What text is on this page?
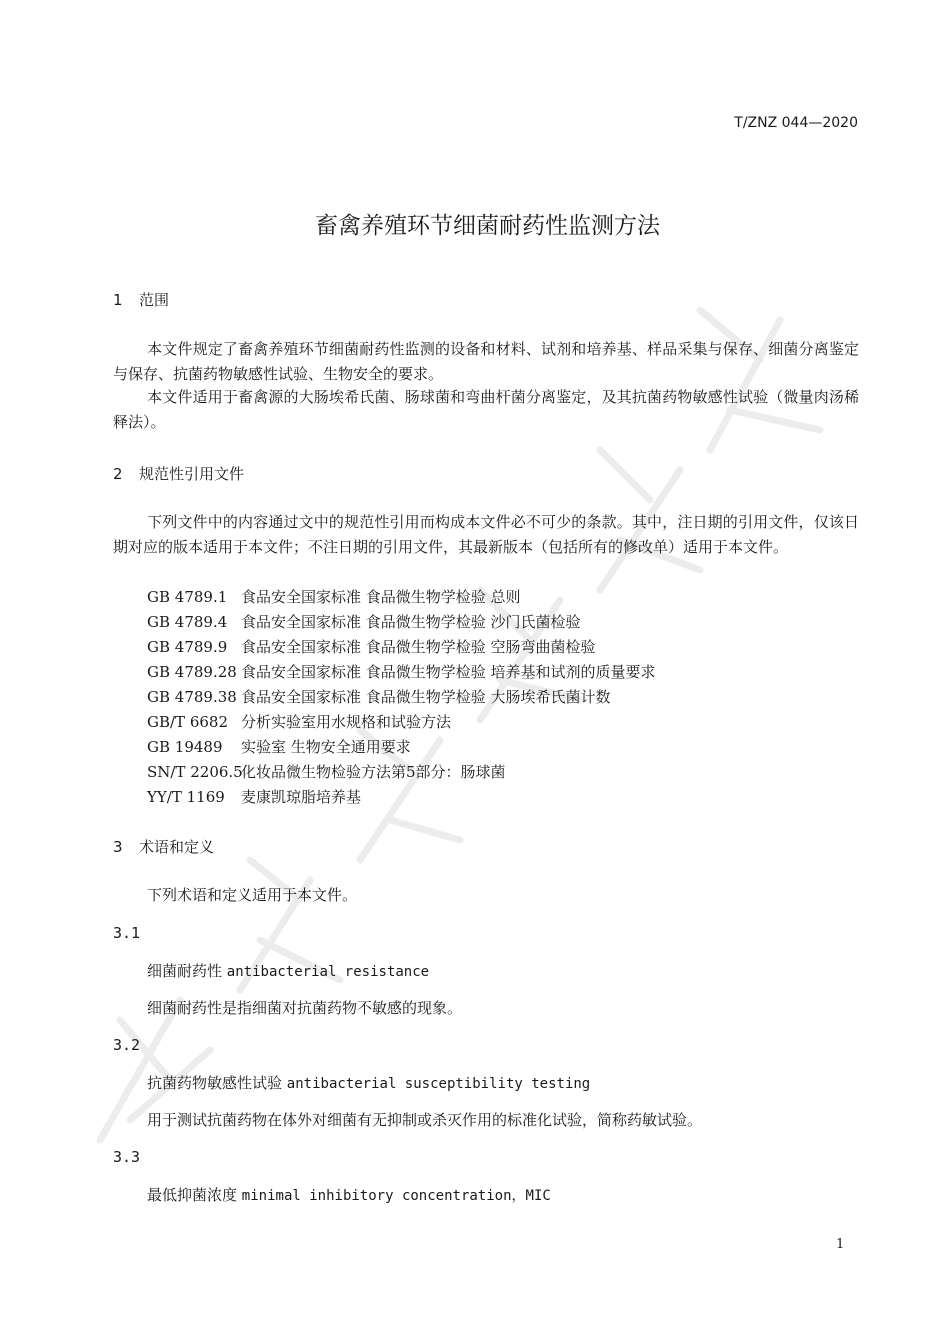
T/ZNZ 044—2020
畜禽养殖环节细菌耐药性监测方法
1 范围
本文件规定了畜禽养殖环节细菌耐药性监测的设备和材料、试剂和培养基、样品采集与保存、细菌分离鉴定与保存、抗菌药物敏感性试验、生物安全的要求。
本文件适用于畜禽源的大肠埃希氏菌、肠球菌和弯曲杆菌分离鉴定，及其抗菌药物敏感性试验（微量肉汤稀释法）。
2 规范性引用文件
下列文件中的内容通过文中的规范性引用而构成本文件必不可少的条款。其中，注日期的引用文件，仅该日期对应的版本适用于本文件；不注日期的引用文件，其最新版本（包括所有的修改单）适用于本文件。
GB 4789.1 食品安全国家标准 食品微生物学检验 总则
GB 4789.4 食品安全国家标准 食品微生物学检验 沙门氏菌检验
GB 4789.9 食品安全国家标准 食品微生物学检验 空肠弯曲菌检验
GB 4789.28 食品安全国家标准 食品微生物学检验 培养基和试剂的质量要求
GB 4789.38 食品安全国家标准 食品微生物学检验 大肠埃希氏菌计数
GB/T 6682 分析实验室用水规格和试验方法
GB 19489 实验室 生物安全通用要求
SN/T 2206.5化妆品微生物检验方法第5部分：肠球菌
YY/T 1169 麦康凯琼脂培养基
3 术语和定义
下列术语和定义适用于本文件。
3.1
细菌耐药性 antibacterial resistance
细菌耐药性是指细菌对抗菌药物不敏感的现象。
3.2
抗菌药物敏感性试验 antibacterial susceptibility testing
用于测试抗菌药物在体外对细菌有无抑制或杀灭作用的标准化试验，简称药敏试验。
3.3
最低抑菌浓度 minimal inhibitory concentration，MIC
1
